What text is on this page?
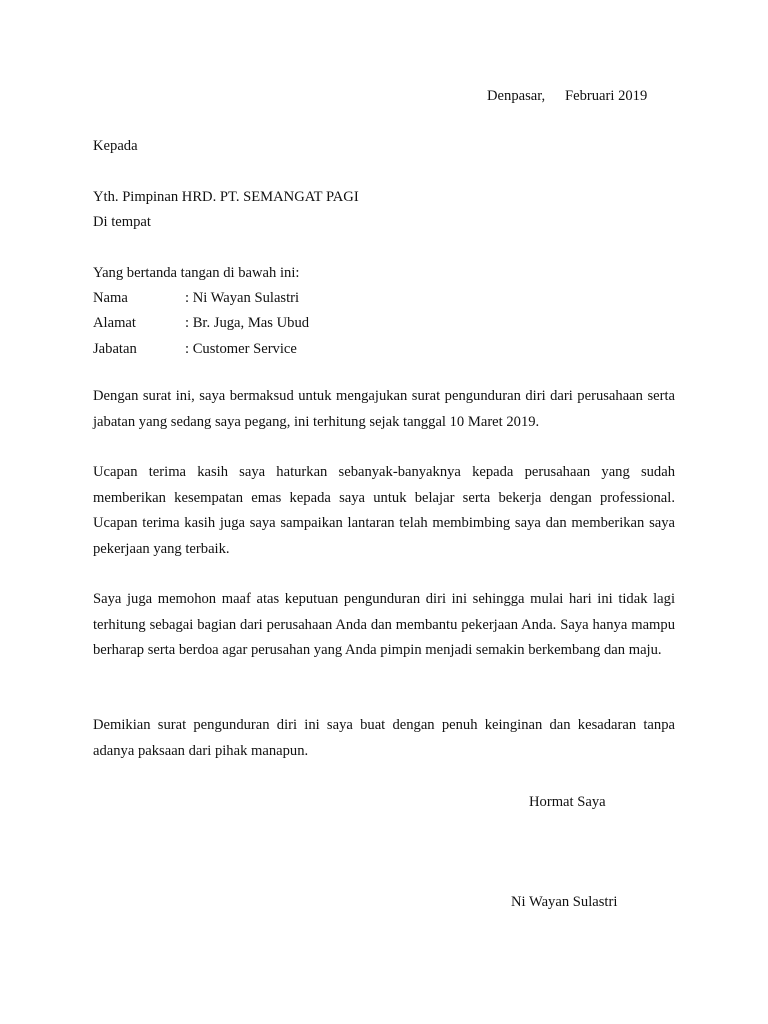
Denpasar, Februari 2019
Kepada
Yth. Pimpinan HRD. PT. SEMANGAT PAGI
Di tempat
Yang bertanda tangan di bawah ini:
Nama	: Ni Wayan Sulastri
Alamat	: Br. Juga, Mas Ubud
Jabatan	: Customer Service

Dengan surat ini, saya bermaksud untuk mengajukan surat pengunduran diri dari perusahaan serta jabatan yang sedang saya pegang, ini terhitung sejak tanggal 10 Maret 2019.

Ucapan terima kasih saya haturkan sebanyak-banyaknya kepada perusahaan yang sudah memberikan kesempatan emas kepada saya untuk belajar serta bekerja dengan professional. Ucapan terima kasih juga saya sampaikan lantaran telah membimbing saya dan memberikan saya pekerjaan yang terbaik.

Saya juga memohon maaf atas keputuan pengunduran diri ini sehingga mulai hari ini tidak lagi terhitung sebagai bagian dari perusahaan Anda dan membantu pekerjaan Anda. Saya hanya mampu berharap serta berdoa agar perusahan yang Anda pimpin menjadi semakin berkembang dan maju.

Demikian surat pengunduran diri ini saya buat dengan penuh keinginan dan kesadaran tanpa adanya paksaan dari pihak manapun.

Hormat Saya
Ni Wayan Sulastri
